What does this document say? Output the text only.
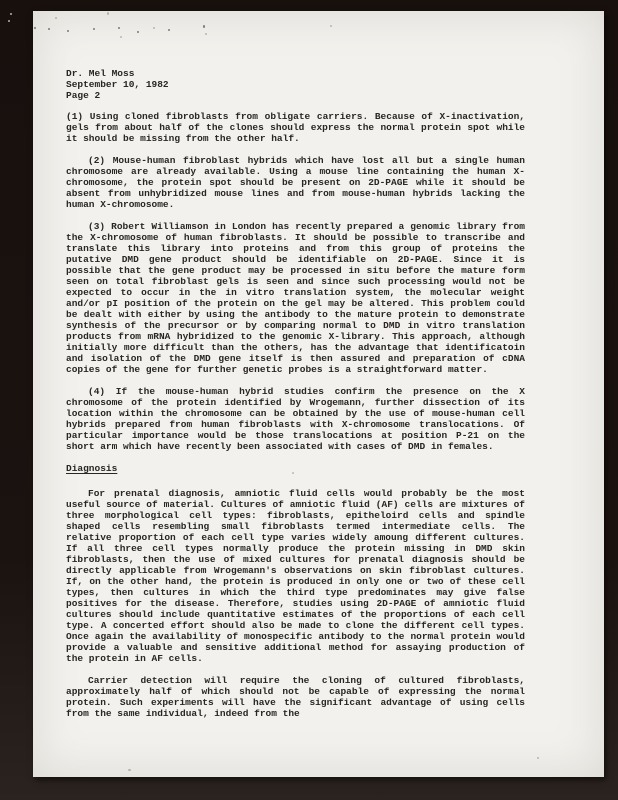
Dr. Mel Moss
September 10, 1982
Page 2

(1) Using cloned fibroblasts from obligate carriers. Because of X-inactivation, gels from about half of the clones should express the normal protein spot while it should be missing from the other half.

(2) Mouse-human fibroblast hybrids which have lost all but a single human chromosome are already available. Using a mouse line containing the human X-chromosome, the protein spot should be present on 2D-PAGE while it should be absent from unhybridized mouse lines and from mouse-human hybrids lacking the human X-chromosome.

(3) Robert Williamson in London has recently prepared a genomic library from the X-chromosome of human fibroblasts. It should be possible to transcribe and translate this library into proteins and from this group of proteins the putative DMD gene product should be identifiable on 2D-PAGE. Since it is possible that the gene product may be processed in situ before the mature form seen on total fibroblast gels is seen and since such processing would not be expected to occur in the in vitro translation system, the molecular weight and/or pI position of the protein on the gel may be altered. This problem could be dealt with either by using the antibody to the mature protein to demonstrate synthesis of the precursor or by comparing normal to DMD in vitro translation products from mRNA hybridized to the genomic X-library. This approach, although initially more difficult than the others, has the advantage that identificatoin and isolation of the DMD gene itself is then assured and preparation of cDNA copies of the gene for further genetic probes is a straightforward matter.

(4) If the mouse-human hybrid studies confirm the presence on the X chromosome of the protein identified by Wrogemann, further dissection of its location within the chromosome can be obtained by the use of mouse-human cell hybrids prepared from human fibroblasts with X-chromosome translocations. Of particular importance would be those translocations at position P-21 on the short arm which have recently been associated with cases of DMD in females.

Diagnosis

For prenatal diagnosis, amniotic fluid cells would probably be the most useful source of material. Cultures of amniotic fluid (AF) cells are mixtures of three morphological cell types: fibroblasts, epitheloird cells and spindle shaped cells resembling small fibroblasts termed intermediate cells. The relative proportion of each cell type varies widely amoung different cultures. If all three cell types normally produce the protein missing in DMD skin fibroblasts, then the use of mixed cultures for prenatal diagnosis should be directly applicable from Wrogemann's observations on skin fibroblast cultures. If, on the other hand, the protein is produced in only one or two of these cell types, then cultures in which the third type predominates may give false positives for the disease. Therefore, studies using 2D-PAGE of amniotic fluid cultures should include quantitative estimates of the proportions of each cell type. A concerted effort should also be made to clone the different cell types. Once again the availability of monospecific antibody to the normal protein would provide a valuable and sensitive additional method for assaying production of the protein in AF cells.

Carrier detection will require the cloning of cultured fibroblasts, approximately half of which should not be capable of expressing the normal protein. Such experiments will have the significant advantage of using cells from the same individual, indeed from the
